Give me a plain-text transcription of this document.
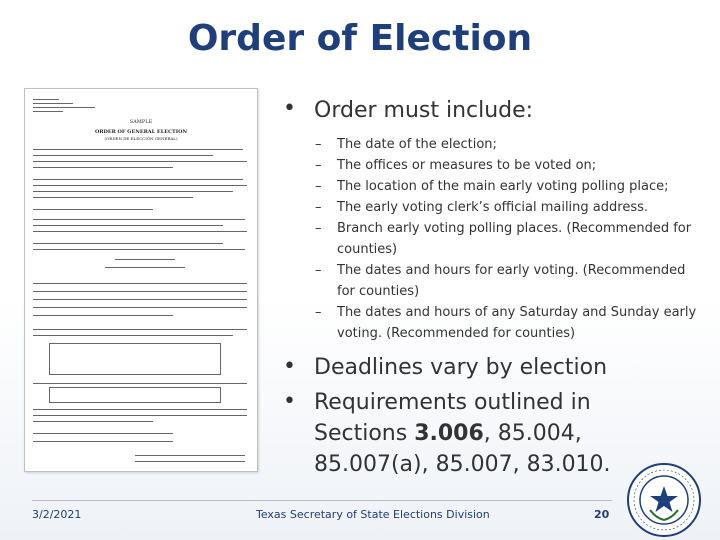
Order of Election
SAMPLE
ORDER OF GENERAL ELECTION
(ORDEN DE ELECCIÓN GENERAL)
• Order must include:
– The date of the election;
– The offices or measures to be voted on;
– The location of the main early voting polling place;
– The early voting clerk’s official mailing address.
– Branch early voting polling places. (Recommended for counties)
– The dates and hours for early voting. (Recommended for counties)
– The dates and hours of any Saturday and Sunday early voting. (Recommended for counties)
• Deadlines vary by election
• Requirements outlined in Sections 3.006, 85.004, 85.007(a), 85.007, 83.010.
3/2/2021	Texas Secretary of State Elections Division	20
